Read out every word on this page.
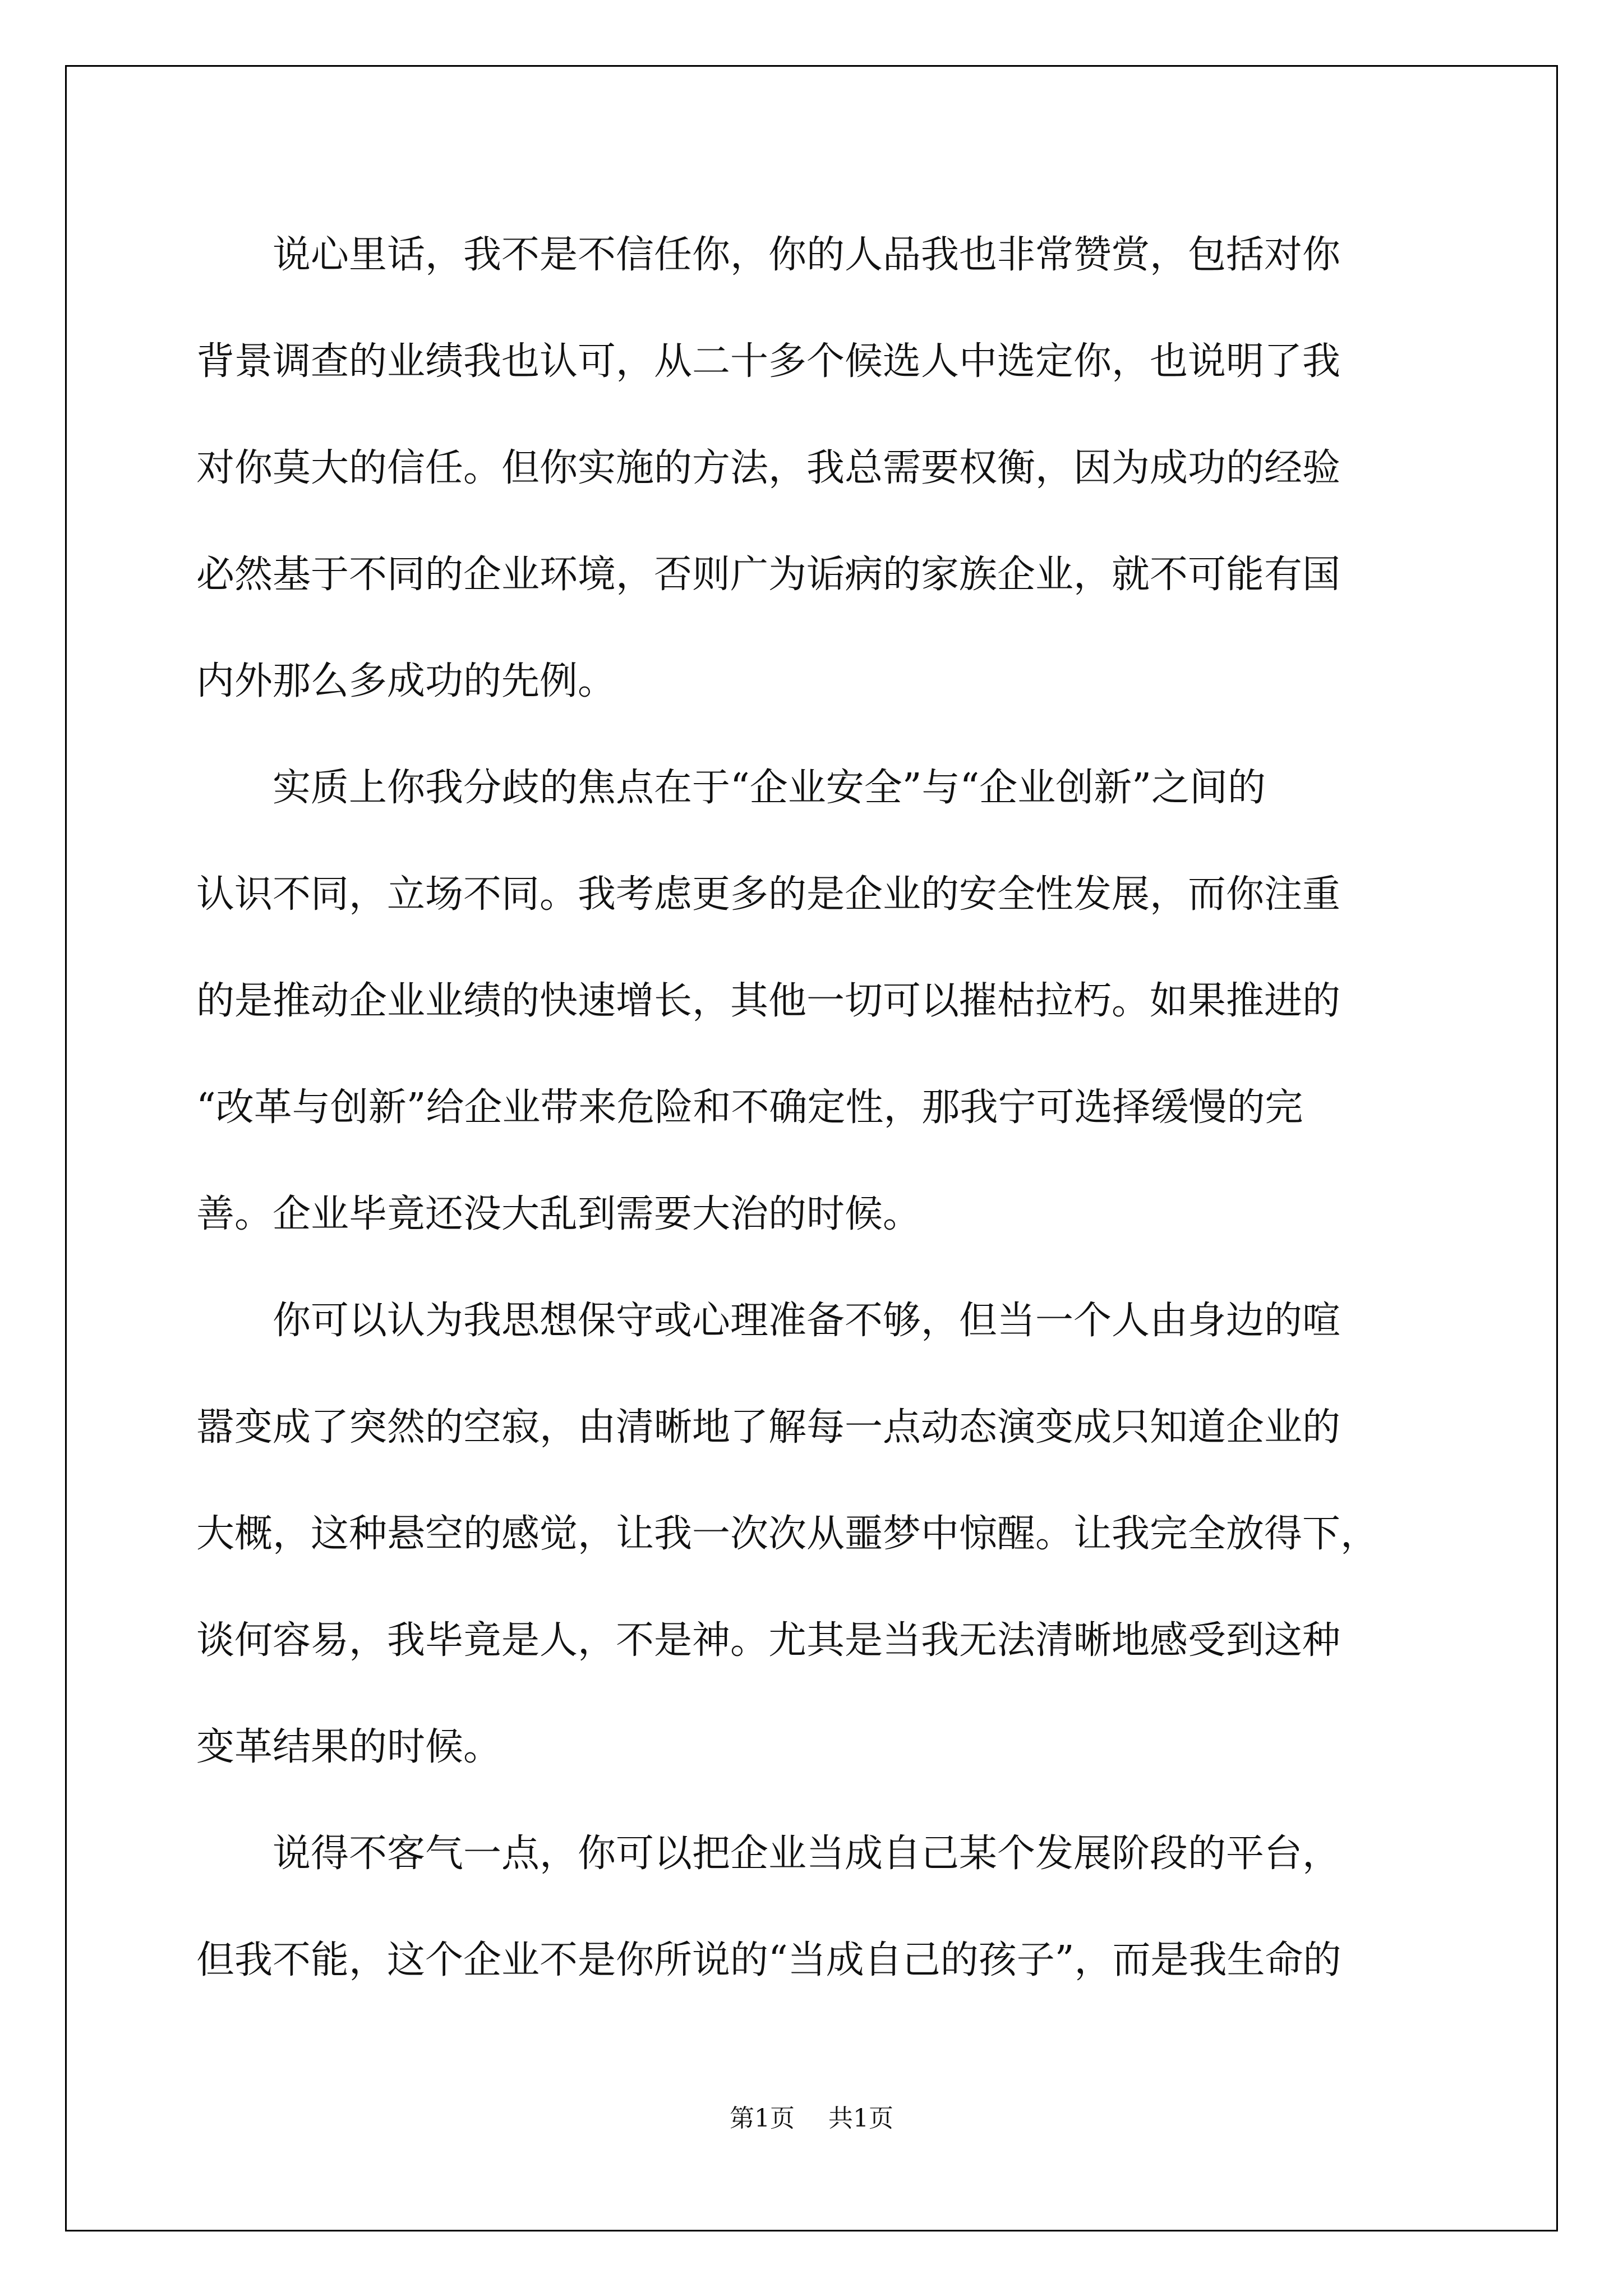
　　说心里话，我不是不信任你，你的人品我也非常赞赏，包括对你
背景调查的业绩我也认可，从二十多个候选人中选定你，也说明了我
对你莫大的信任。但你实施的方法，我总需要权衡，因为成功的经验
必然基于不同的企业环境，否则广为诟病的家族企业，就不可能有国
内外那么多成功的先例。

　　实质上你我分歧的焦点在于“企业安全”与“企业创新”之间的
认识不同，立场不同。我考虑更多的是企业的安全性发展，而你注重
的是推动企业业绩的快速增长，其他一切可以摧枯拉朽。如果推进的
“改革与创新”给企业带来危险和不确定性，那我宁可选择缓慢的完
善。企业毕竟还没大乱到需要大治的时候。

　　你可以认为我思想保守或心理准备不够，但当一个人由身边的喧
嚣变成了突然的空寂，由清晰地了解每一点动态演变成只知道企业的
大概，这种悬空的感觉，让我一次次从噩梦中惊醒。让我完全放得下，
谈何容易，我毕竟是人，不是神。尤其是当我无法清晰地感受到这种
变革结果的时候。

　　说得不客气一点，你可以把企业当成自己某个发展阶段的平台，
但我不能，这个企业不是你所说的“当成自己的孩子”，而是我生命的

第1页 共1页
